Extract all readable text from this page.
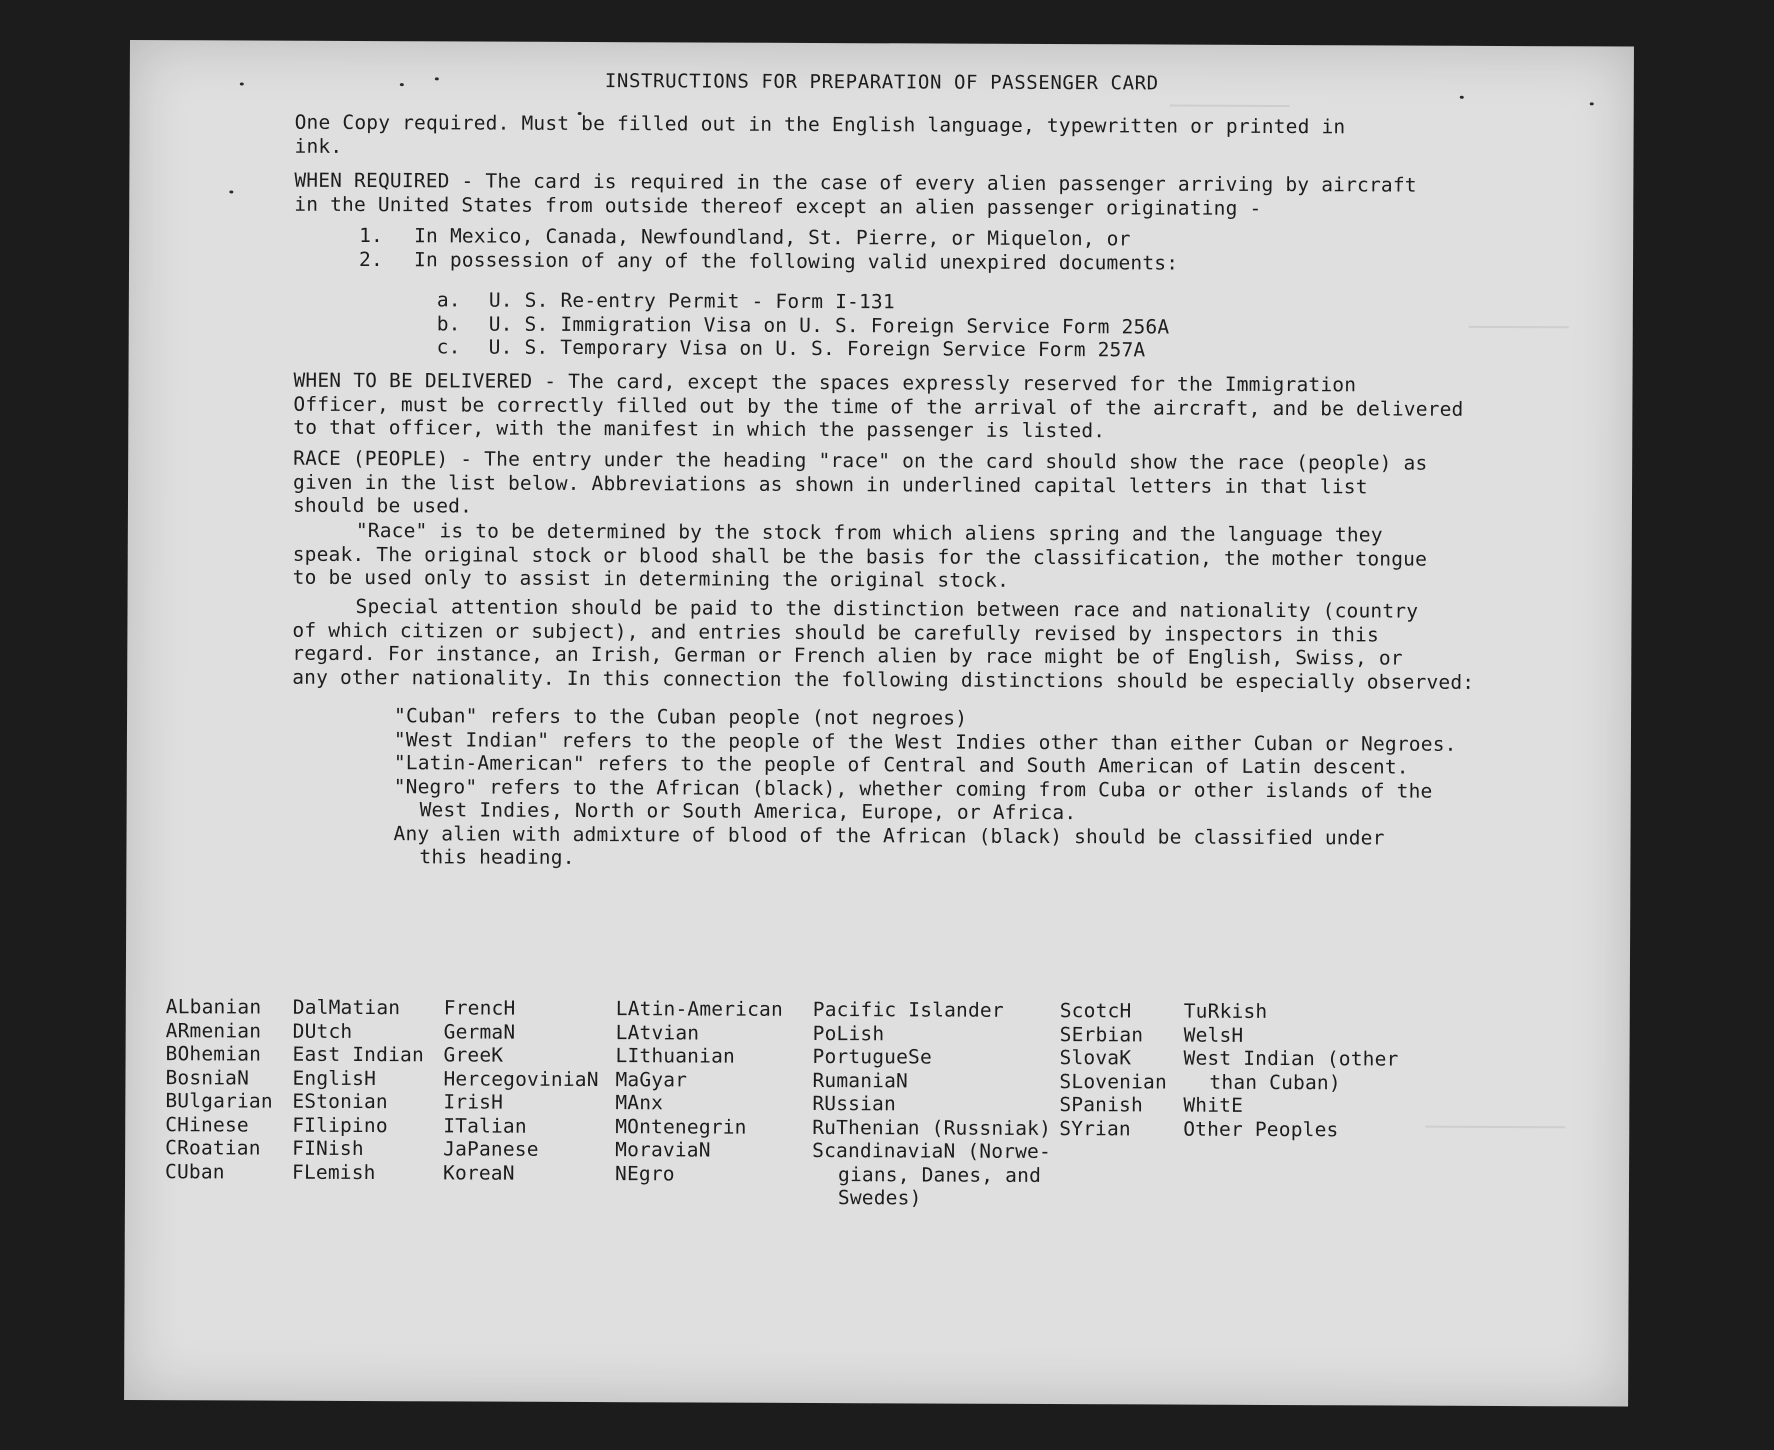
INSTRUCTIONS FOR PREPARATION OF PASSENGER CARD

One Copy required. Must be filled out in the English language, typewritten or printed in
ink.

WHEN REQUIRED - The card is required in the case of every alien passenger arriving by aircraft
in the United States from outside thereof except an alien passenger originating -

1. In Mexico, Canada, Newfoundland, St. Pierre, or Miquelon, or
2. In possession of any of the following valid unexpired documents:
a. U. S. Re-entry Permit - Form I-131
b. U. S. Immigration Visa on U. S. Foreign Service Form 256A
c. U. S. Temporary Visa on U. S. Foreign Service Form 257A

WHEN TO BE DELIVERED - The card, except the spaces expressly reserved for the Immigration
Officer, must be correctly filled out by the time of the arrival of the aircraft, and be delivered
to that officer, with the manifest in which the passenger is listed.

RACE (PEOPLE) - The entry under the heading "race" on the card should show the race (people) as
given in the list below. Abbreviations as shown in underlined capital letters in that list
should be used.

"Race" is to be determined by the stock from which aliens spring and the language they
speak. The original stock or blood shall be the basis for the classification, the mother tongue
to be used only to assist in determining the original stock.

Special attention should be paid to the distinction between race and nationality (country
of which citizen or subject), and entries should be carefully revised by inspectors in this
regard. For instance, an Irish, German or French alien by race might be of English, Swiss, or
any other nationality. In this connection the following distinctions should be especially observed:

"Cuban" refers to the Cuban people (not negroes)
"West Indian" refers to the people of the West Indies other than either Cuban or Negroes.
"Latin-American" refers to the people of Central and South American of Latin descent.
"Negro" refers to the African (black), whether coming from Cuba or other islands of the
West Indies, North or South America, Europe, or Africa.
Any alien with admixture of blood of the African (black) should be classified under
this heading.
ALbanian
ARmenian
BOhemian
BosniaN
BUlgarian
CHinese
CRoatian
CUban
DalMatian
DUtch
East Indian
EnglisH
EStonian
FIlipino
FINish
FLemish
FrencH
GermaN
GreeK
HercegoviniaN
IrisH
ITalian
JaPanese
KoreaN
LAtin-American
LAtvian
LIthuanian
MaGyar
MAnx
MOntenegrin
MoraviaN
NEgro
Pacific Islander
PoLish
PortugueSe
RumaniaN
RUssian
RuThenian (Russniak)
ScandinaviaN (Norwe-
gians, Danes, and
Swedes)
ScotcH
SErbian
SlovaK
SLovenian
SPanish
SYrian
TuRkish
WelsH
West Indian (other
than Cuban)
WhitE
Other Peoples
